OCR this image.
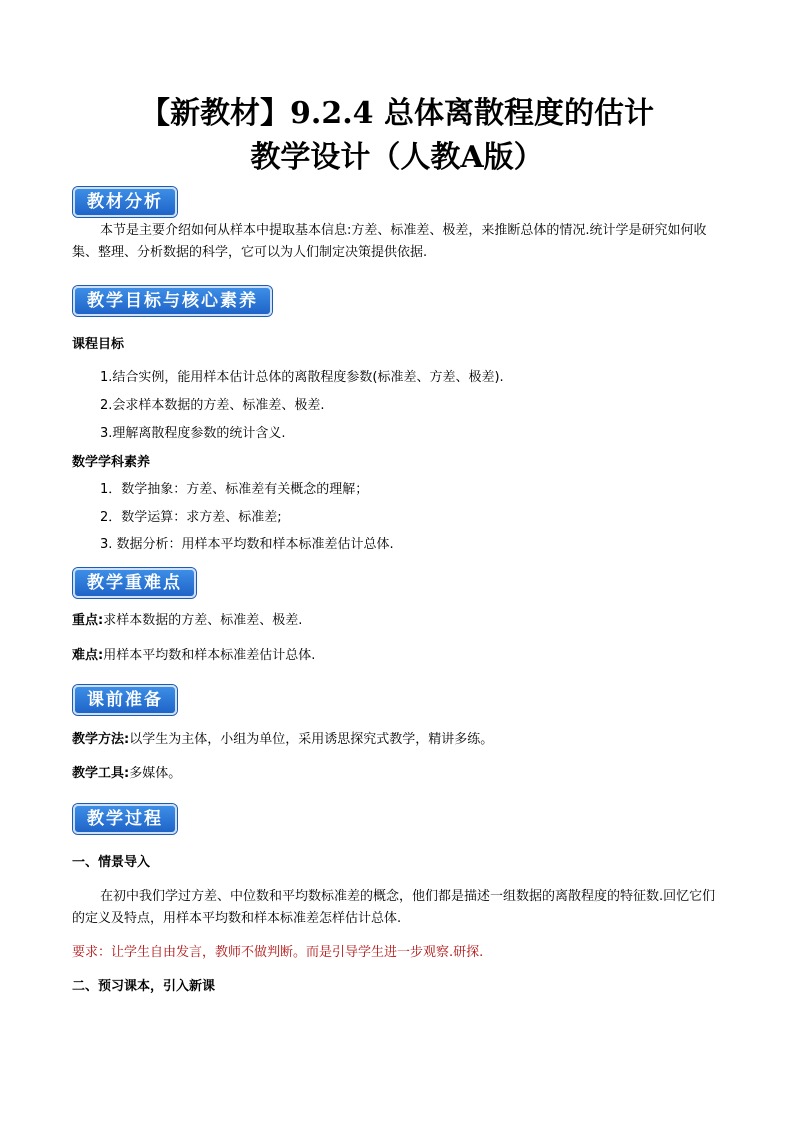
【新教材】9.2.4 总体离散程度的估计
教学设计（人教A版）
教材分析
本节是主要介绍如何从样本中提取基本信息:方差、标准差、极差，来推断总体的情况.统计学是研究如何收集、整理、分析数据的科学，它可以为人们制定决策提供依据.
教学目标与核心素养
课程目标
1.结合实例，能用样本估计总体的离散程度参数(标准差、方差、极差).
2.会求样本数据的方差、标准差、极差.
3.理解离散程度参数的统计含义.
数学学科素养
1．数学抽象：方差、标准差有关概念的理解；
2．数学运算：求方差、标准差;
3. 数据分析：用样本平均数和样本标准差估计总体.
教学重难点
重点:求样本数据的方差、标准差、极差.
难点:用样本平均数和样本标准差估计总体.
课前准备
教学方法:以学生为主体，小组为单位，采用诱思探究式教学，精讲多练。
教学工具:多媒体。
教学过程
一、情景导入
在初中我们学过方差、中位数和平均数标准差的概念，他们都是描述一组数据的离散程度的特征数.回忆它们的定义及特点，用样本平均数和样本标准差怎样估计总体.
要求：让学生自由发言，教师不做判断。而是引导学生进一步观察.研探.
二、预习课本，引入新课
